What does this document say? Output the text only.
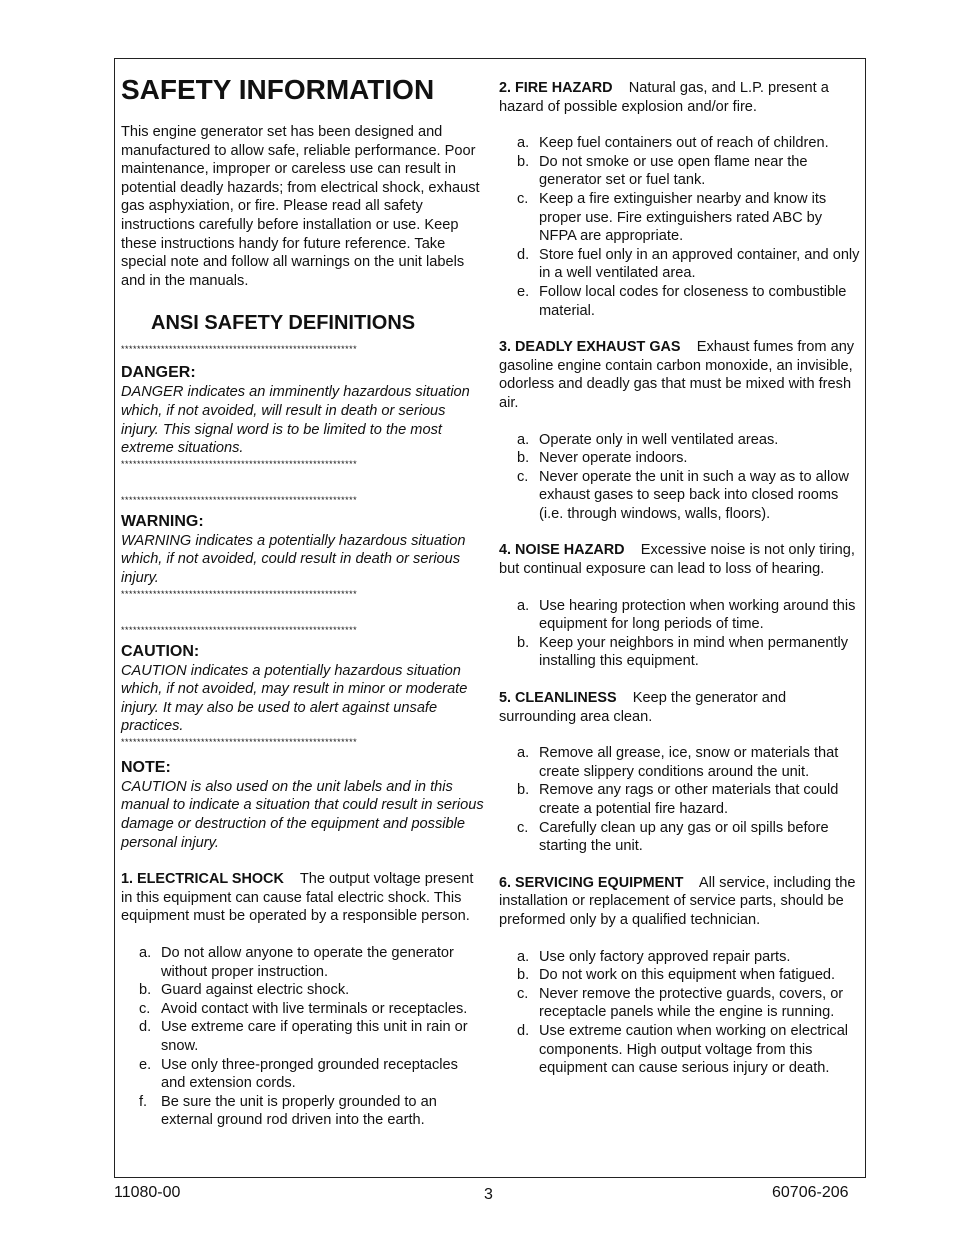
SAFETY INFORMATION

This engine generator set has been designed and manufactured to allow safe, reliable performance. Poor maintenance, improper or careless use can result in potential deadly hazards; from electrical shock, exhaust gas asphyxiation, or fire. Please read all safety instructions carefully before installation or use. Keep these instructions handy for future reference. Take special note and follow all warnings on the unit labels and in the manuals.

ANSI SAFETY DEFINITIONS
***********************************************************

DANGER:

DANGER indicates an imminently hazardous situation which, if not avoided, will result in death or serious injury. This signal word is to be limited to the most extreme situations.

***********************************************************
***********************************************************

WARNING:

WARNING indicates a potentially hazardous situation which, if not avoided, could result in death or serious injury.

***********************************************************
***********************************************************

CAUTION:

CAUTION indicates a potentially hazardous situation which, if not avoided, may result in minor or moderate injury. It may also be used to alert against unsafe practices.

***********************************************************

NOTE:

CAUTION is also used on the unit labels and in this manual to indicate a situation that could result in serious damage or destruction of the equipment and possible personal injury.

1. ELECTRICAL SHOCK The output voltage present in this equipment can cause fatal electric shock. This equipment must be operated by a responsible person.

a. Do not allow anyone to operate the generator without proper instruction.
b. Guard against electric shock.
c. Avoid contact with live terminals or receptacles.
d. Use extreme care if operating this unit in rain or snow.
e. Use only three-pronged grounded receptacles and extension cords.
f. Be sure the unit is properly grounded to an external ground rod driven into the earth.

2. FIRE HAZARD Natural gas, and L.P. present a hazard of possible explosion and/or fire.

a. Keep fuel containers out of reach of children.
b. Do not smoke or use open flame near the generator set or fuel tank.
c. Keep a fire extinguisher nearby and know its proper use. Fire extinguishers rated ABC by NFPA are appropriate.
d. Store fuel only in an approved container, and only in a well ventilated area.
e. Follow local codes for closeness to combustible material.

3. DEADLY EXHAUST GAS Exhaust fumes from any gasoline engine contain carbon monoxide, an invisible, odorless and deadly gas that must be mixed with fresh air.

a. Operate only in well ventilated areas.
b. Never operate indoors.
c. Never operate the unit in such a way as to allow exhaust gases to seep back into closed rooms (i.e. through windows, walls, floors).

4. NOISE HAZARD Excessive noise is not only tiring, but continual exposure can lead to loss of hearing.

a. Use hearing protection when working around this equipment for long periods of time.
b. Keep your neighbors in mind when permanently installing this equipment.

5. CLEANLINESS Keep the generator and surrounding area clean.

a. Remove all grease, ice, snow or materials that create slippery conditions around the unit.
b. Remove any rags or other materials that could create a potential fire hazard.
c. Carefully clean up any gas or oil spills before starting the unit.

6. SERVICING EQUIPMENT All service, including the installation or replacement of service parts, should be preformed only by a qualified technician.

a. Use only factory approved repair parts.
b. Do not work on this equipment when fatigued.
c. Never remove the protective guards, covers, or receptacle panels while the engine is running.
d. Use extreme caution when working on electrical components. High output voltage from this equipment can cause serious injury or death.
11080-00	3	60706-206
